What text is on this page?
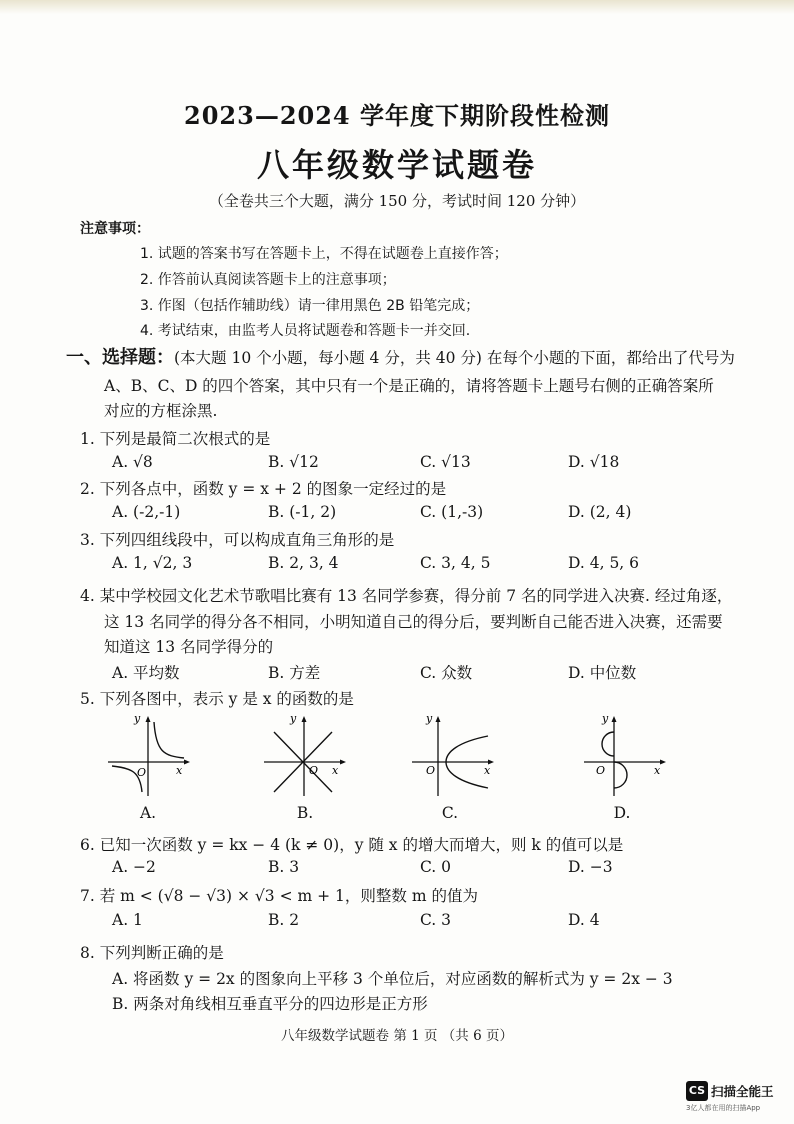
2023—2024 学年度下期阶段性检测
八年级数学试题卷
（全卷共三个大题，满分 150 分，考试时间 120 分钟）
注意事项：
1. 试题的答案书写在答题卡上，不得在试题卷上直接作答；
2. 作答前认真阅读答题卡上的注意事项；
3. 作图（包括作辅助线）请一律用黑色 2B 铅笔完成；
4. 考试结束，由监考人员将试题卷和答题卡一并交回.
一、选择题：(本大题 10 个小题，每小题 4 分，共 40 分) 在每个小题的下面，都给出了代号为
A、B、C、D 的四个答案，其中只有一个是正确的，请将答题卡上题号右侧的正确答案所
对应的方框涂黑.
1. 下列是最简二次根式的是
A. √8	B. √12	C. √13	D. √18
2. 下列各点中，函数 y = x + 2 的图象一定经过的是
A. (-2,-1)	B. (-1, 2)	C. (1,-3)	D. (2, 4)
3. 下列四组线段中，可以构成直角三角形的是
A. 1, √2, 3	B. 2, 3, 4	C. 3, 4, 5	D. 4, 5, 6
4. 某中学校园文化艺术节歌唱比赛有 13 名同学参赛，得分前 7 名的同学进入决赛. 经过角逐，
这 13 名同学的得分各不相同，小明知道自己的得分后，要判断自己能否进入决赛，还需要
知道这 13 名同学得分的
A. 平均数	B. 方差	C. 众数	D. 中位数
5. 下列各图中，表示 y 是 x 的函数的是
y
x
O
A.
y
x
O
B.
y
x
O
C.
y
x
O
D.
6. 已知一次函数 y = kx − 4 (k ≠ 0)，y 随 x 的增大而增大，则 k 的值可以是
A. −2	B. 3	C. 0	D. −3
7. 若 m < (√8 − √3) × √3 < m + 1，则整数 m 的值为
A. 1	B. 2	C. 3	D. 4
8. 下列判断正确的是
A. 将函数 y = 2x 的图象向上平移 3 个单位后，对应函数的解析式为 y = 2x − 3
B. 两条对角线相互垂直平分的四边形是正方形
八年级数学试题卷 第 1 页 （共 6 页）
CS 扫描全能王
3亿人都在用的扫描App
